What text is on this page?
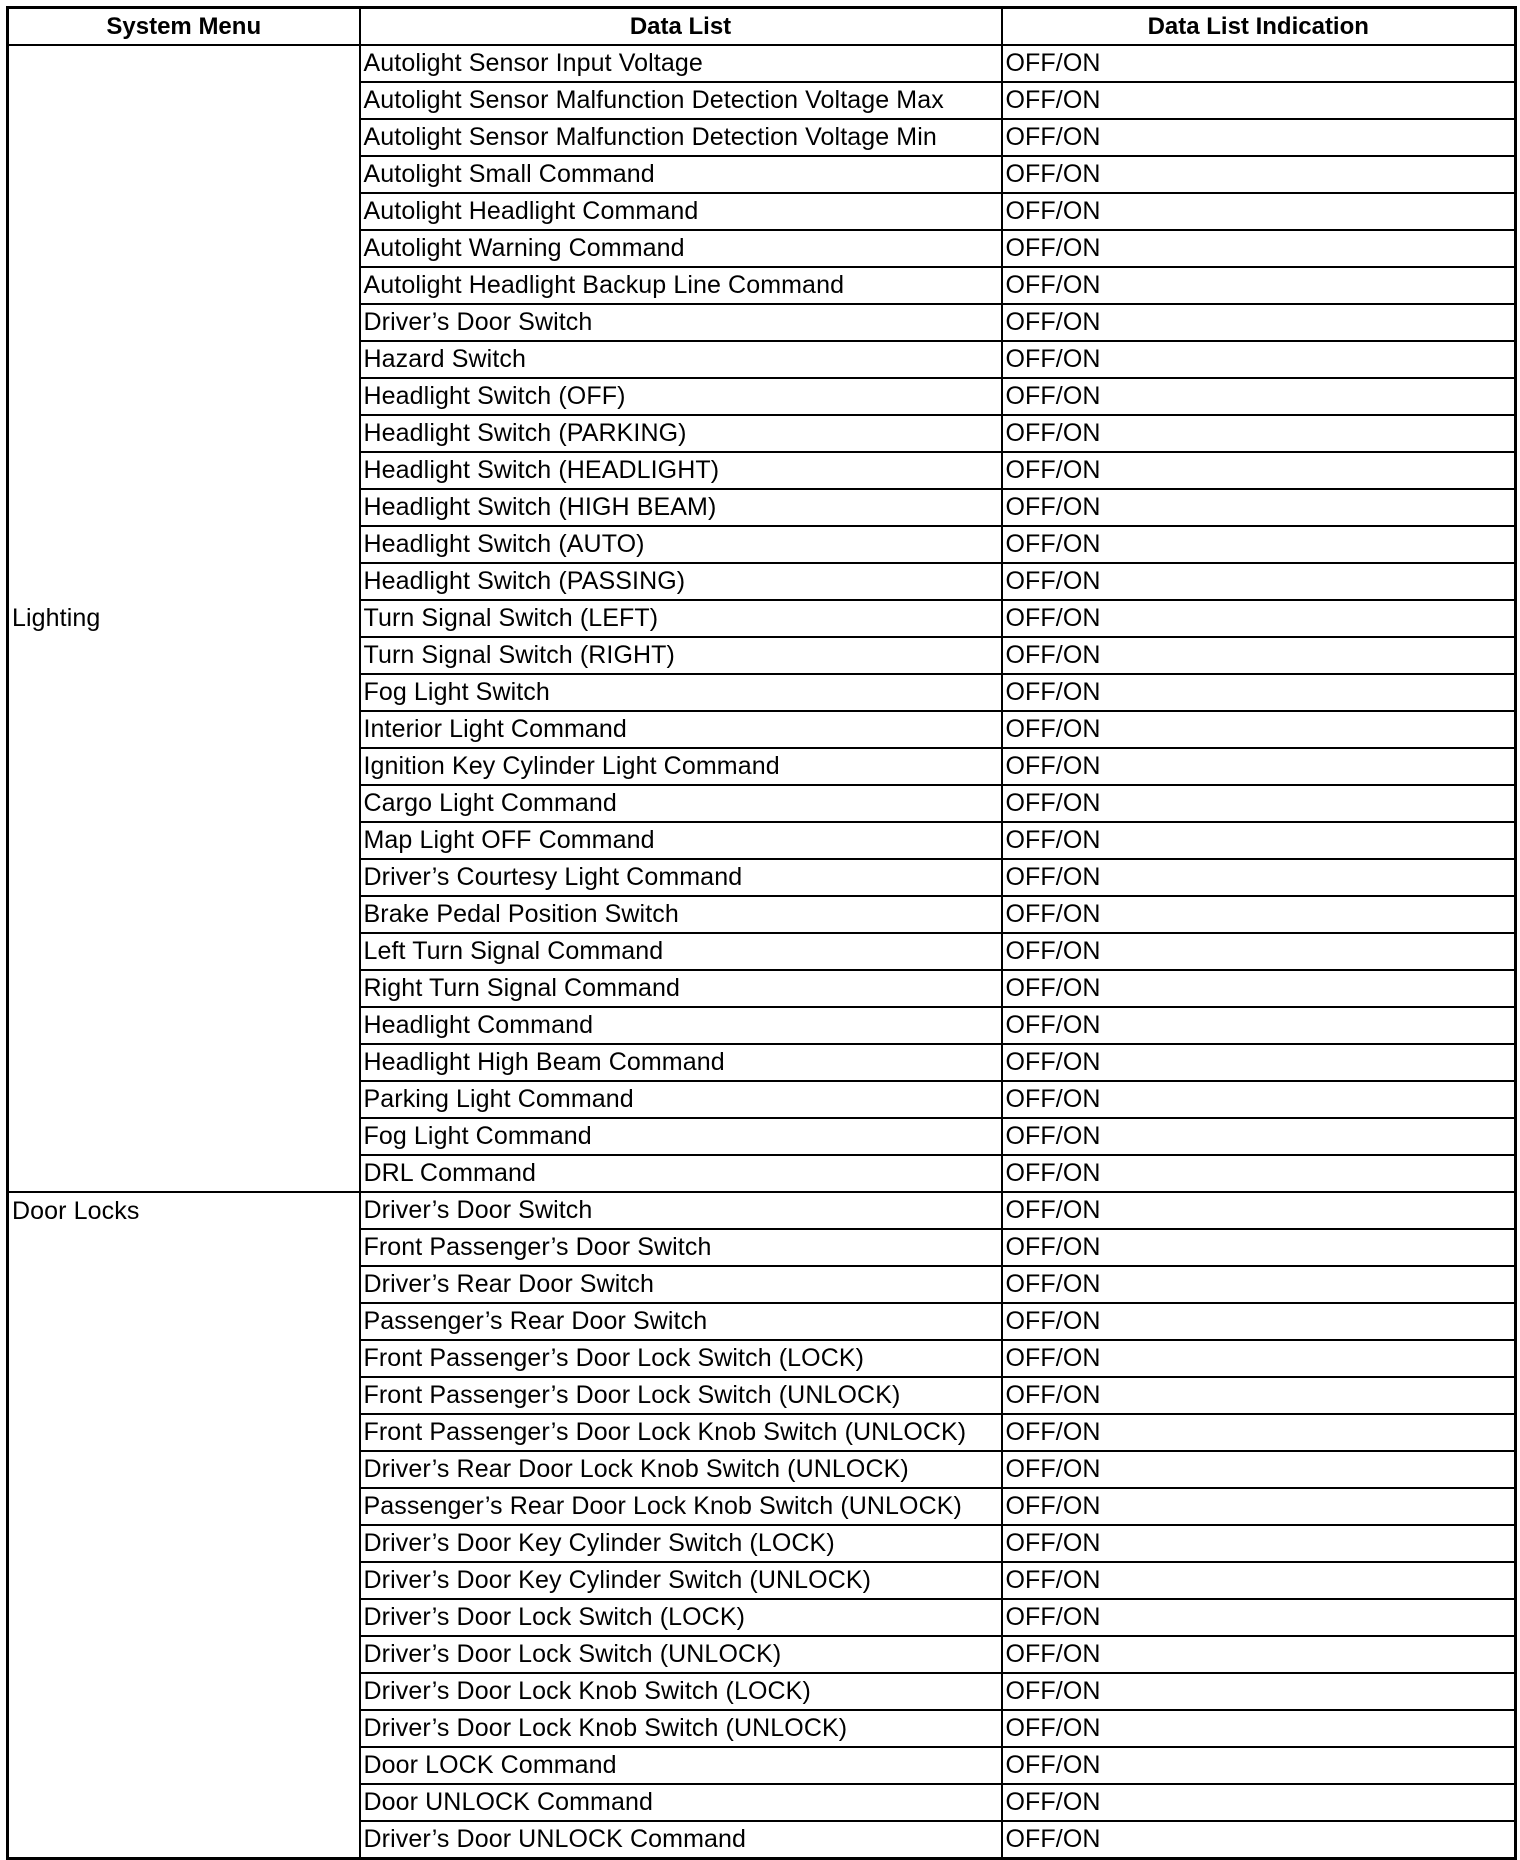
System Menu	Data List	Data List Indication
Lighting	Autolight Sensor Input Voltage	OFF/ON
	Autolight Sensor Malfunction Detection Voltage Max	OFF/ON
	Autolight Sensor Malfunction Detection Voltage Min	OFF/ON
	Autolight Small Command	OFF/ON
	Autolight Headlight Command	OFF/ON
	Autolight Warning Command	OFF/ON
	Autolight Headlight Backup Line Command	OFF/ON
	Driver’s Door Switch	OFF/ON
	Hazard Switch	OFF/ON
	Headlight Switch (OFF)	OFF/ON
	Headlight Switch (PARKING)	OFF/ON
	Headlight Switch (HEADLIGHT)	OFF/ON
	Headlight Switch (HIGH BEAM)	OFF/ON
	Headlight Switch (AUTO)	OFF/ON
	Headlight Switch (PASSING)	OFF/ON
	Turn Signal Switch (LEFT)	OFF/ON
	Turn Signal Switch (RIGHT)	OFF/ON
	Fog Light Switch	OFF/ON
	Interior Light Command	OFF/ON
	Ignition Key Cylinder Light Command	OFF/ON
	Cargo Light Command	OFF/ON
	Map Light OFF Command	OFF/ON
	Driver’s Courtesy Light Command	OFF/ON
	Brake Pedal Position Switch	OFF/ON
	Left Turn Signal Command	OFF/ON
	Right Turn Signal Command	OFF/ON
	Headlight Command	OFF/ON
	Headlight High Beam Command	OFF/ON
	Parking Light Command	OFF/ON
	Fog Light Command	OFF/ON
	DRL Command	OFF/ON
Door Locks	Driver’s Door Switch	OFF/ON
	Front Passenger’s Door Switch	OFF/ON
	Driver’s Rear Door Switch	OFF/ON
	Passenger’s Rear Door Switch	OFF/ON
	Front Passenger’s Door Lock Switch (LOCK)	OFF/ON
	Front Passenger’s Door Lock Switch (UNLOCK)	OFF/ON
	Front Passenger’s Door Lock Knob Switch (UNLOCK)	OFF/ON
	Driver’s Rear Door Lock Knob Switch (UNLOCK)	OFF/ON
	Passenger’s Rear Door Lock Knob Switch (UNLOCK)	OFF/ON
	Driver’s Door Key Cylinder Switch (LOCK)	OFF/ON
	Driver’s Door Key Cylinder Switch (UNLOCK)	OFF/ON
	Driver’s Door Lock Switch (LOCK)	OFF/ON
	Driver’s Door Lock Switch (UNLOCK)	OFF/ON
	Driver’s Door Lock Knob Switch (LOCK)	OFF/ON
	Driver’s Door Lock Knob Switch (UNLOCK)	OFF/ON
	Door LOCK Command	OFF/ON
	Door UNLOCK Command	OFF/ON
	Driver’s Door UNLOCK Command	OFF/ON
